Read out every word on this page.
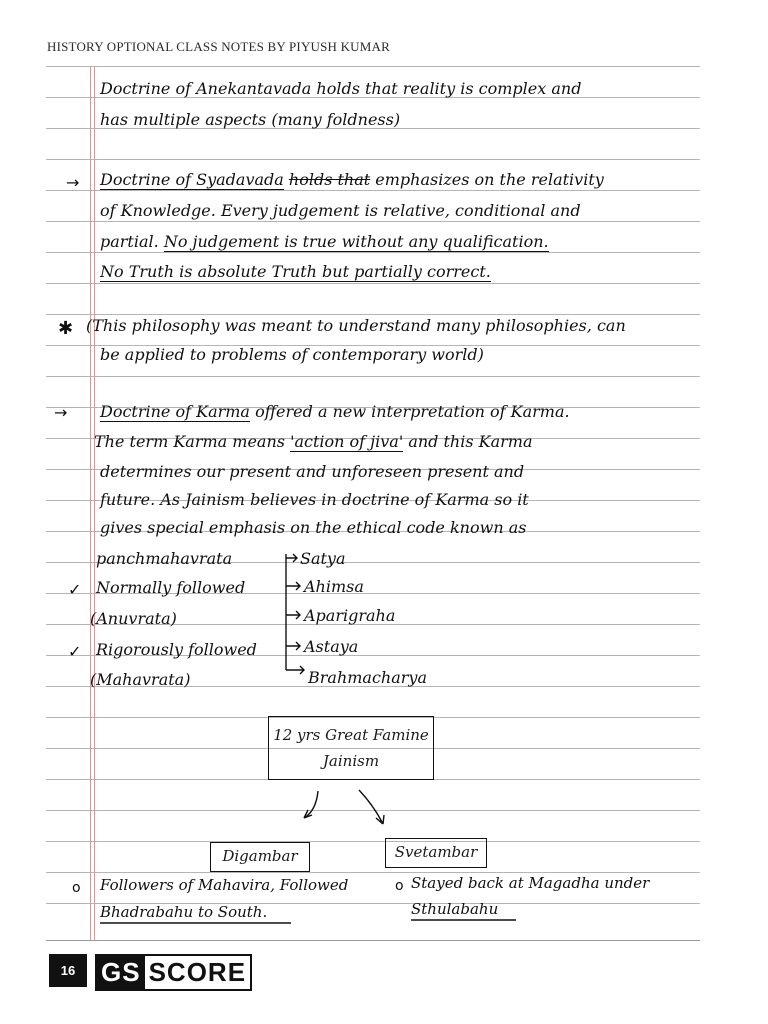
HISTORY OPTIONAL CLASS NOTES BY PIYUSH KUMAR
Doctrine of Anekantavada holds that reality is complex and
has multiple aspects (many foldness)
→ Doctrine of Syadavada holds that emphasizes on the relativity
of Knowledge. Every judgement is relative, conditional and
partial. No judgement is true without any qualification.
No Truth is absolute Truth but partially correct.
✱ (This philosophy was meant to understand many philosophies, can
be applied to problems of contemporary world)
→ Doctrine of Karma offered a new interpretation of Karma.
The term Karma means 'action of jiva' and this Karma
determines our present and unforeseen present and
future. As Jainism believes in doctrine of Karma so it
gives special emphasis on the ethical code known as
panchmahavrata
✓ Normally followed
(Anuvrata)
✓ Rigorously followed
(Mahavrata)
Satya
Ahimsa
Aparigraha
Astaya
Brahmacharya
12 yrs Great Famine
Jainism
Digambar	Svetambar
o Followers of Mahavira, Followed
Bhadrabahu to South.
o Stayed back at Magadha under
Sthulabahu
16 GS SCORE
